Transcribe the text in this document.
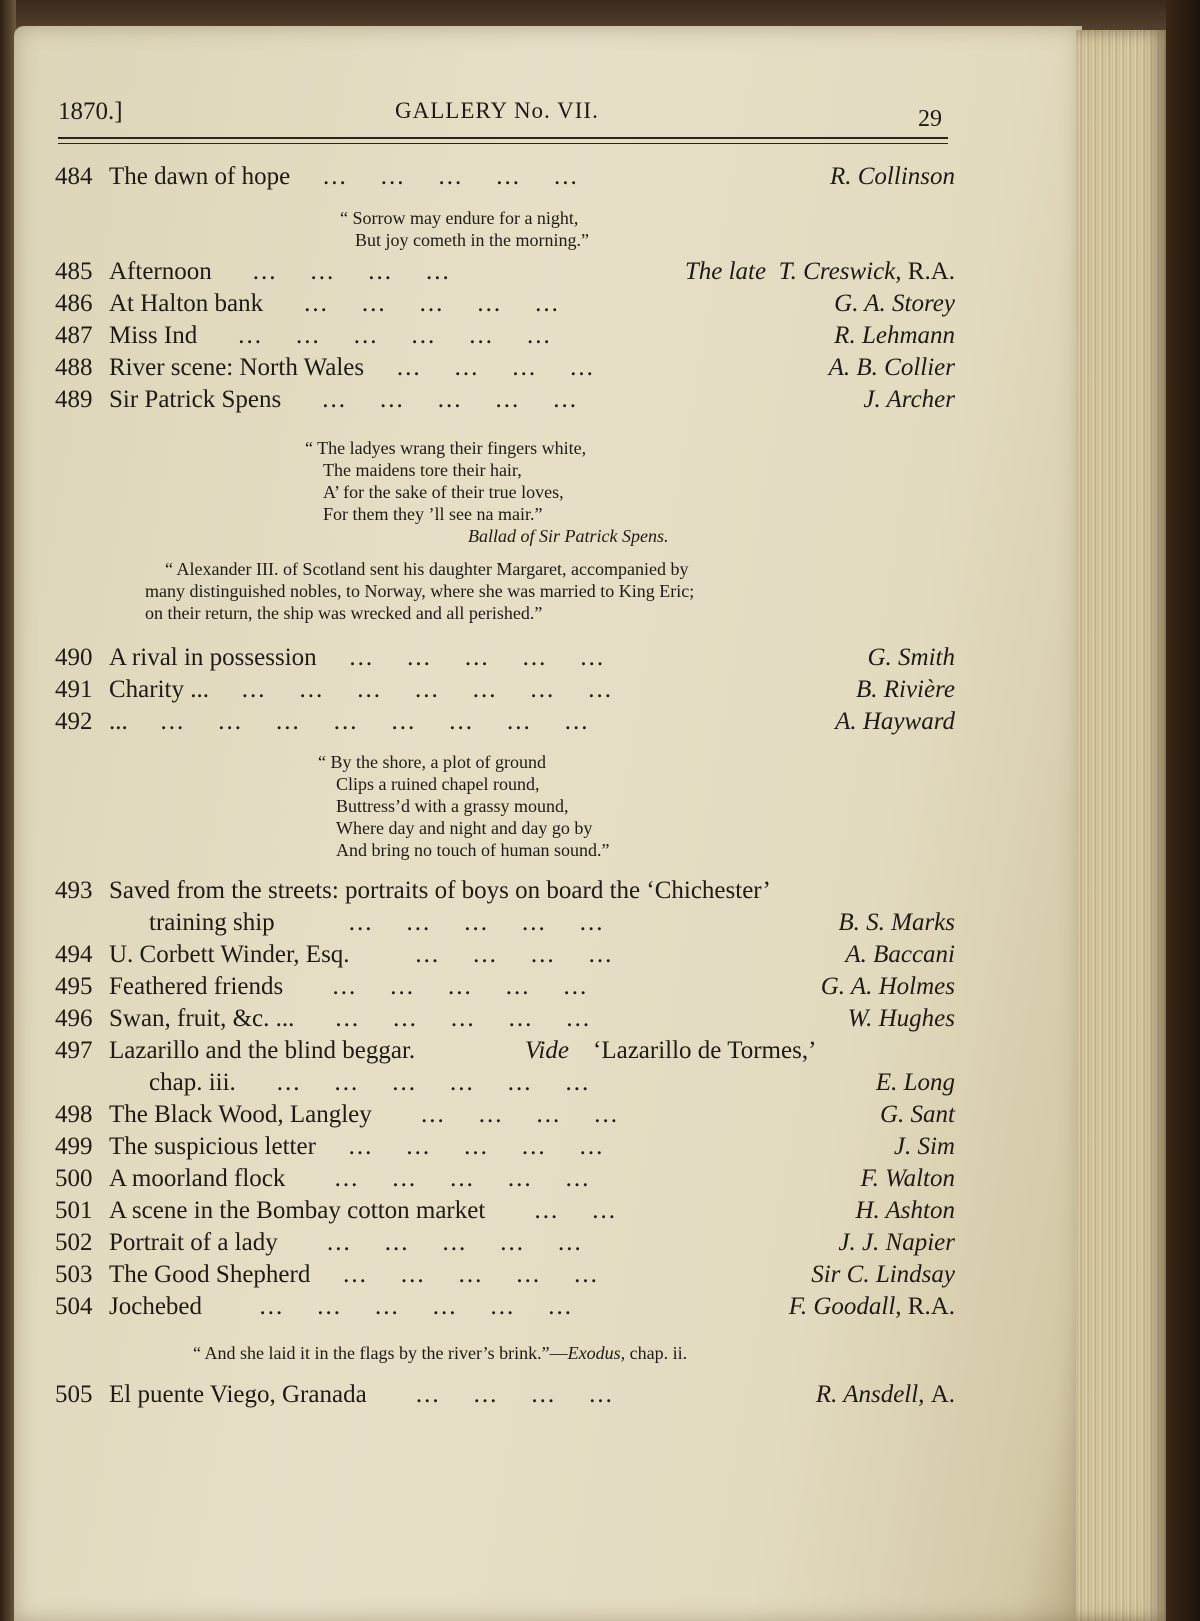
1870.]	GALLERY No. VII.	29
484 The dawn of hope   ...    ...    ...    ...    ...	R. Collinson
“ Sorrow may endure for a night,
But joy cometh in the morning.”
485 Afternoon    ...    ...    ...    ...	The late T. Creswick, R.A.
486 At Halton bank    ...    ...    ...    ...    ...	G. A. Storey
487 Miss Ind    ...    ...    ...    ...    ...    ...	R. Lehmann
488 River scene: North Wales   ...    ...    ...    ...	A. B. Collier
489 Sir Patrick Spens    ...    ...    ...    ...    ...	J. Archer
“ The ladyes wrang their fingers white,
The maidens tore their hair,
A’ for the sake of their true loves,
For them they ’ll see na mair.”
Ballad of Sir Patrick Spens.
“ Alexander III. of Scotland sent his daughter Margaret, accompanied by
many distinguished nobles, to Norway, where she was married to King Eric;
on their return, the ship was wrecked and all perished.”
490 A rival in possession   ...    ...    ...    ...    ...	G. Smith
491 Charity ...   ...    ...    ...    ...    ...    ...    ...	B. Rivière
492 ...   ...    ...    ...    ...    ...    ...    ...    ...	A. Hayward
“ By the shore, a plot of ground
Clips a ruined chapel round,
Buttress’d with a grassy mound,
Where day and night and day go by
And bring no touch of human sound.”
493 Saved from the streets: portraits of boys on board the ‘Chichester’
training ship        ...    ...    ...    ...    ...	B. S. Marks
494 U. Corbett Winder, Esq.       ...    ...    ...    ...	A. Baccani
495 Feathered friends     ...    ...    ...    ...    ...	G. A. Holmes
496 Swan, fruit, &c. ...    ...    ...    ...    ...    ...	W. Hughes
497 Lazarillo and the blind beggar.	Vide ‘Lazarillo de Tormes,’
chap. iii.    ...    ...    ...    ...    ...    ...	E. Long
498 The Black Wood, Langley     ...    ...    ...    ...	G. Sant
499 The suspicious letter   ...    ...    ...    ...    ...	J. Sim
500 A moorland flock     ...    ...    ...    ...    ...	F. Walton
501 A scene in the Bombay cotton market     ...    ...	H. Ashton
502 Portrait of a lady     ...    ...    ...    ...    ...	J. J. Napier
503 The Good Shepherd   ...    ...    ...    ...    ...	Sir C. Lindsay
504 Jochebed      ...    ...    ...    ...    ...    ...	F. Goodall, R.A.
“ And she laid it in the flags by the river’s brink.”—Exodus, chap. ii.
505 El puente Viego, Granada     ...    ...    ...    ...	R. Ansdell, A.
